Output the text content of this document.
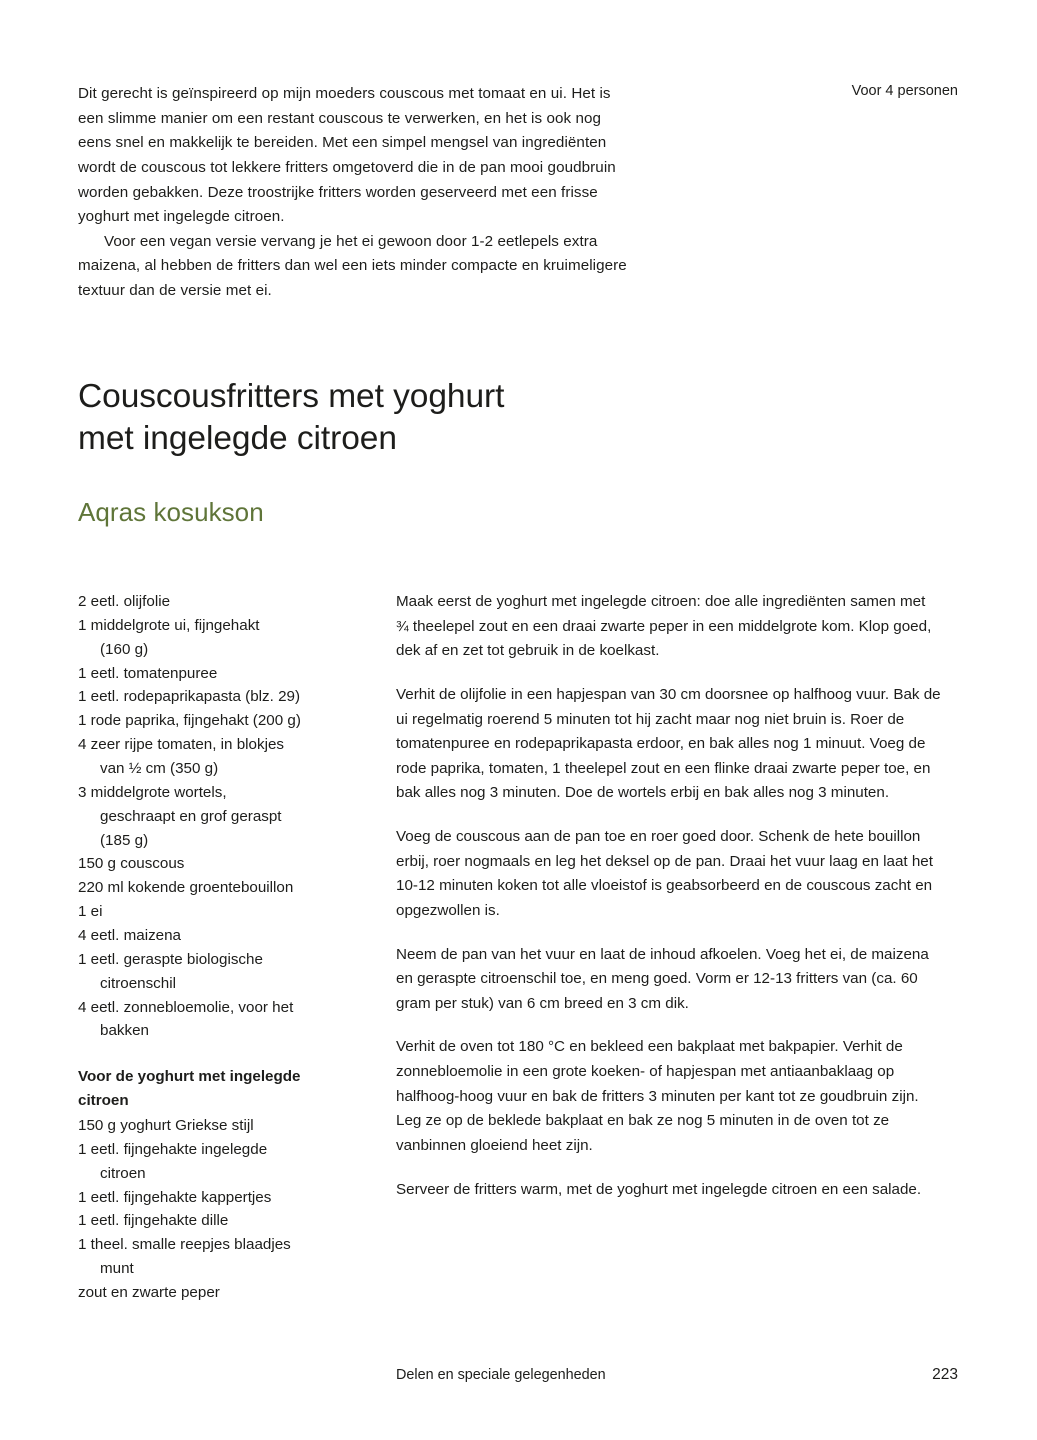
Dit gerecht is geïnspireerd op mijn moeders couscous met tomaat en ui. Het is een slimme manier om een restant couscous te verwerken, en het is ook nog eens snel en makkelijk te bereiden. Met een simpel mengsel van ingrediënten wordt de couscous tot lekkere fritters omgetoverd die in de pan mooi goudbruin worden gebakken. Deze troostrijke fritters worden geserveerd met een frisse yoghurt met ingelegde citroen.

Voor een vegan versie vervang je het ei gewoon door 1-2 eetlepels extra maizena, al hebben de fritters dan wel een iets minder compacte en kruimeligere textuur dan de versie met ei.

Voor 4 personen
Couscousfritters met yoghurt
met ingelegde citroen
Aqras kosukson
2 eetl. olijfolie
1 middelgrote ui, fijngehakt
(160 g)
1 eetl. tomatenpuree
1 eetl. rodepaprikapasta (blz. 29)
1 rode paprika, fijngehakt (200 g)
4 zeer rijpe tomaten, in blokjes
van ½ cm (350 g)
3 middelgrote wortels,
geschraapt en grof geraspt
(185 g)
150 g couscous
220 ml kokende groentebouillon
1 ei
4 eetl. maizena
1 eetl. geraspte biologische
citroenschil
4 eetl. zonnebloemolie, voor het
bakken
Voor de yoghurt met ingelegde citroen
150 g yoghurt Griekse stijl
1 eetl. fijngehakte ingelegde
citroen
1 eetl. fijngehakte kappertjes
1 eetl. fijngehakte dille
1 theel. smalle reepjes blaadjes
munt
zout en zwarte peper

Maak eerst de yoghurt met ingelegde citroen: doe alle ingrediënten samen met ¾ theelepel zout en een draai zwarte peper in een middelgrote kom. Klop goed, dek af en zet tot gebruik in de koelkast.

Verhit de olijfolie in een hapjespan van 30 cm doorsnee op halfhoog vuur. Bak de ui regelmatig roerend 5 minuten tot hij zacht maar nog niet bruin is. Roer de tomatenpuree en rodepaprikapasta erdoor, en bak alles nog 1 minuut. Voeg de rode paprika, tomaten, 1 theelepel zout en een flinke draai zwarte peper toe, en bak alles nog 3 minuten. Doe de wortels erbij en bak alles nog 3 minuten.

Voeg de couscous aan de pan toe en roer goed door. Schenk de hete bouillon erbij, roer nogmaals en leg het deksel op de pan. Draai het vuur laag en laat het 10-12 minuten koken tot alle vloeistof is geabsorbeerd en de couscous zacht en opgezwollen is.

Neem de pan van het vuur en laat de inhoud afkoelen. Voeg het ei, de maizena en geraspte citroenschil toe, en meng goed. Vorm er 12-13 fritters van (ca. 60 gram per stuk) van 6 cm breed en 3 cm dik.

Verhit de oven tot 180 °C en bekleed een bakplaat met bakpapier. Verhit de zonnebloemolie in een grote koeken- of hapjespan met antiaanbaklaag op halfhoog-hoog vuur en bak de fritters 3 minuten per kant tot ze goudbruin zijn. Leg ze op de beklede bakplaat en bak ze nog 5 minuten in de oven tot ze vanbinnen gloeiend heet zijn.

Serveer de fritters warm, met de yoghurt met ingelegde citroen en een salade.

Delen en speciale gelegenheden	223
